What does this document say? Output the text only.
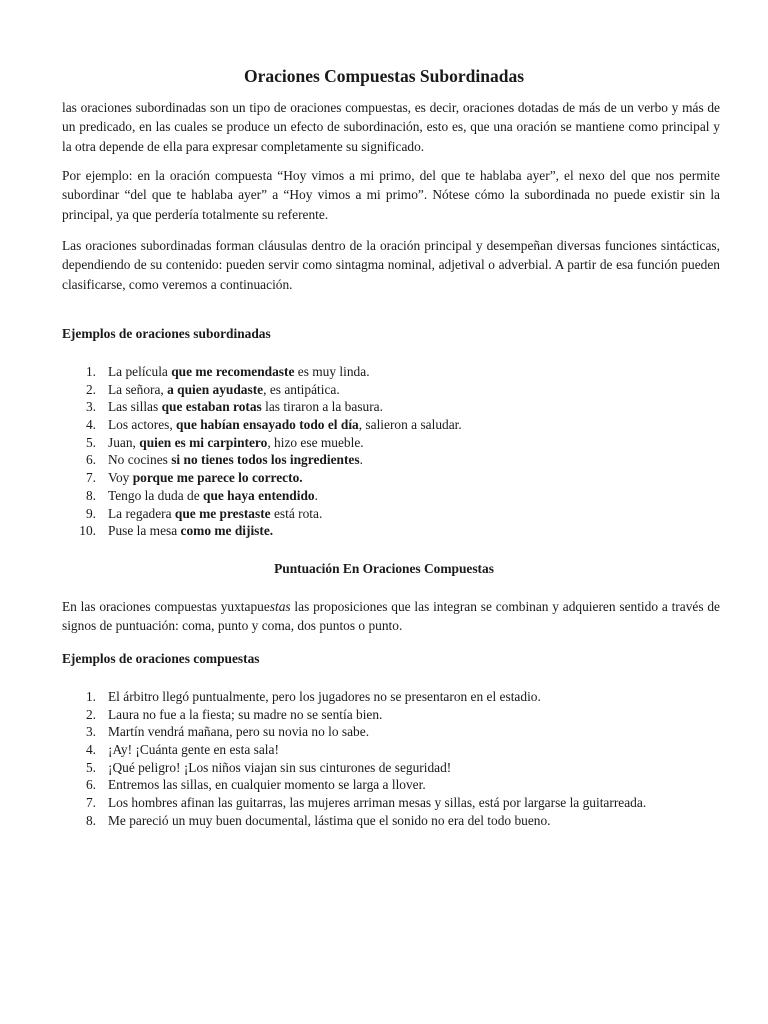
Oraciones Compuestas Subordinadas

las oraciones subordinadas son un tipo de oraciones compuestas, es decir, oraciones dotadas de más de un verbo y más de un predicado, en las cuales se produce un efecto de subordinación, esto es, que una oración se mantiene como principal y la otra depende de ella para expresar completamente su significado.

Por ejemplo: en la oración compuesta “Hoy vimos a mi primo, del que te hablaba ayer”, el nexo del que nos permite subordinar “del que te hablaba ayer” a “Hoy vimos a mi primo”. Nótese cómo la subordinada no puede existir sin la principal, ya que perdería totalmente su referente.

Las oraciones subordinadas forman cláusulas dentro de la oración principal y desempeñan diversas funciones sintácticas, dependiendo de su contenido: pueden servir como sintagma nominal, adjetival o adverbial. A partir de esa función pueden clasificarse, como veremos a continuación.

Ejemplos de oraciones subordinadas
1. La película que me recomendaste es muy linda.
2. La señora, a quien ayudaste, es antipática.
3. Las sillas que estaban rotas las tiraron a la basura.
4. Los actores, que habían ensayado todo el día, salieron a saludar.
5. Juan, quien es mi carpintero, hizo ese mueble.
6. No cocines si no tienes todos los ingredientes.
7. Voy porque me parece lo correcto.
8. Tengo la duda de que haya entendido.
9. La regadera que me prestaste está rota.
10. Puse la mesa como me dijiste.
Puntuación En Oraciones Compuestas

En las oraciones compuestas yuxtapuestas las proposiciones que las integran se combinan y adquieren sentido a través de signos de puntuación: coma, punto y coma, dos puntos o punto.

Ejemplos de oraciones compuestas
1. El árbitro llegó puntualmente, pero los jugadores no se presentaron en el estadio.
2. Laura no fue a la fiesta; su madre no se sentía bien.
3. Martín vendrá mañana, pero su novia no lo sabe.
4. ¡Ay! ¡Cuánta gente en esta sala!
5. ¡Qué peligro! ¡Los niños viajan sin sus cinturones de seguridad!
6. Entremos las sillas, en cualquier momento se larga a llover.
7. Los hombres afinan las guitarras, las mujeres arriman mesas y sillas, está por largarse la guitarreada.
8. Me pareció un muy buen documental, lástima que el sonido no era del todo bueno.
